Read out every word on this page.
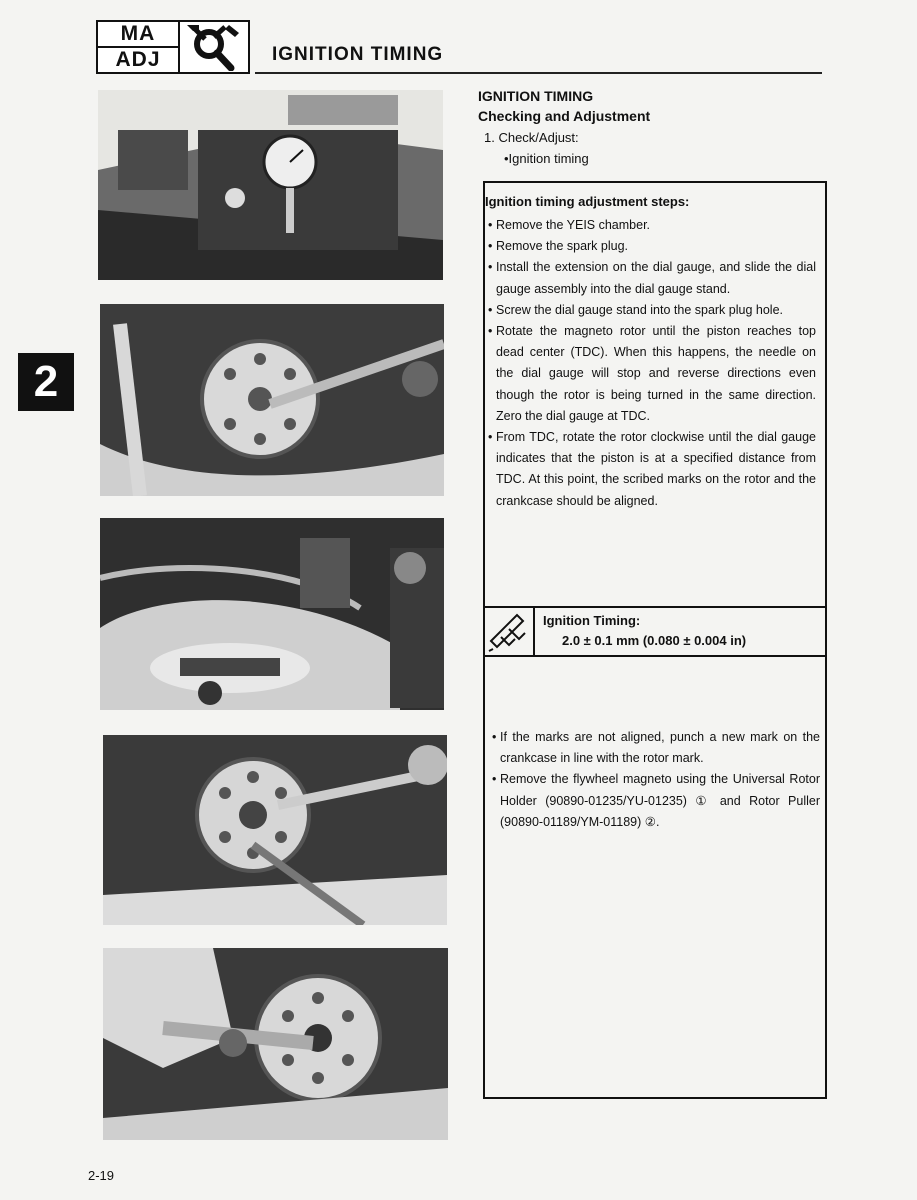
MA
ADJ	IGNITION TIMING
2
IGNITION TIMING
Checking and Adjustment
1. Check/Adjust:
•Ignition timing
Ignition timing adjustment steps:
• Remove the YEIS chamber.
• Remove the spark plug.
• Install the extension on the dial gauge, and slide the dial gauge assembly into the dial gauge stand.
• Screw the dial gauge stand into the spark plug hole.
• Rotate the magneto rotor until the piston reaches top dead center (TDC). When this happens, the needle on the dial gauge will stop and reverse directions even though the rotor is being turned in the same direction. Zero the dial gauge at TDC.
• From TDC, rotate the rotor clockwise until the dial gauge indicates that the piston is at a specified distance from TDC. At this point, the scribed marks on the rotor and the crankcase should be aligned.
Ignition Timing:
2.0 ± 0.1 mm (0.080 ± 0.004 in)
• If the marks are not aligned, punch a new mark on the crankcase in line with the rotor mark.
• Remove the flywheel magneto using the Universal Rotor Holder (90890-01235/YU-01235) ① and Rotor Puller (90890-01189/YM-01189) ②.
2-19
